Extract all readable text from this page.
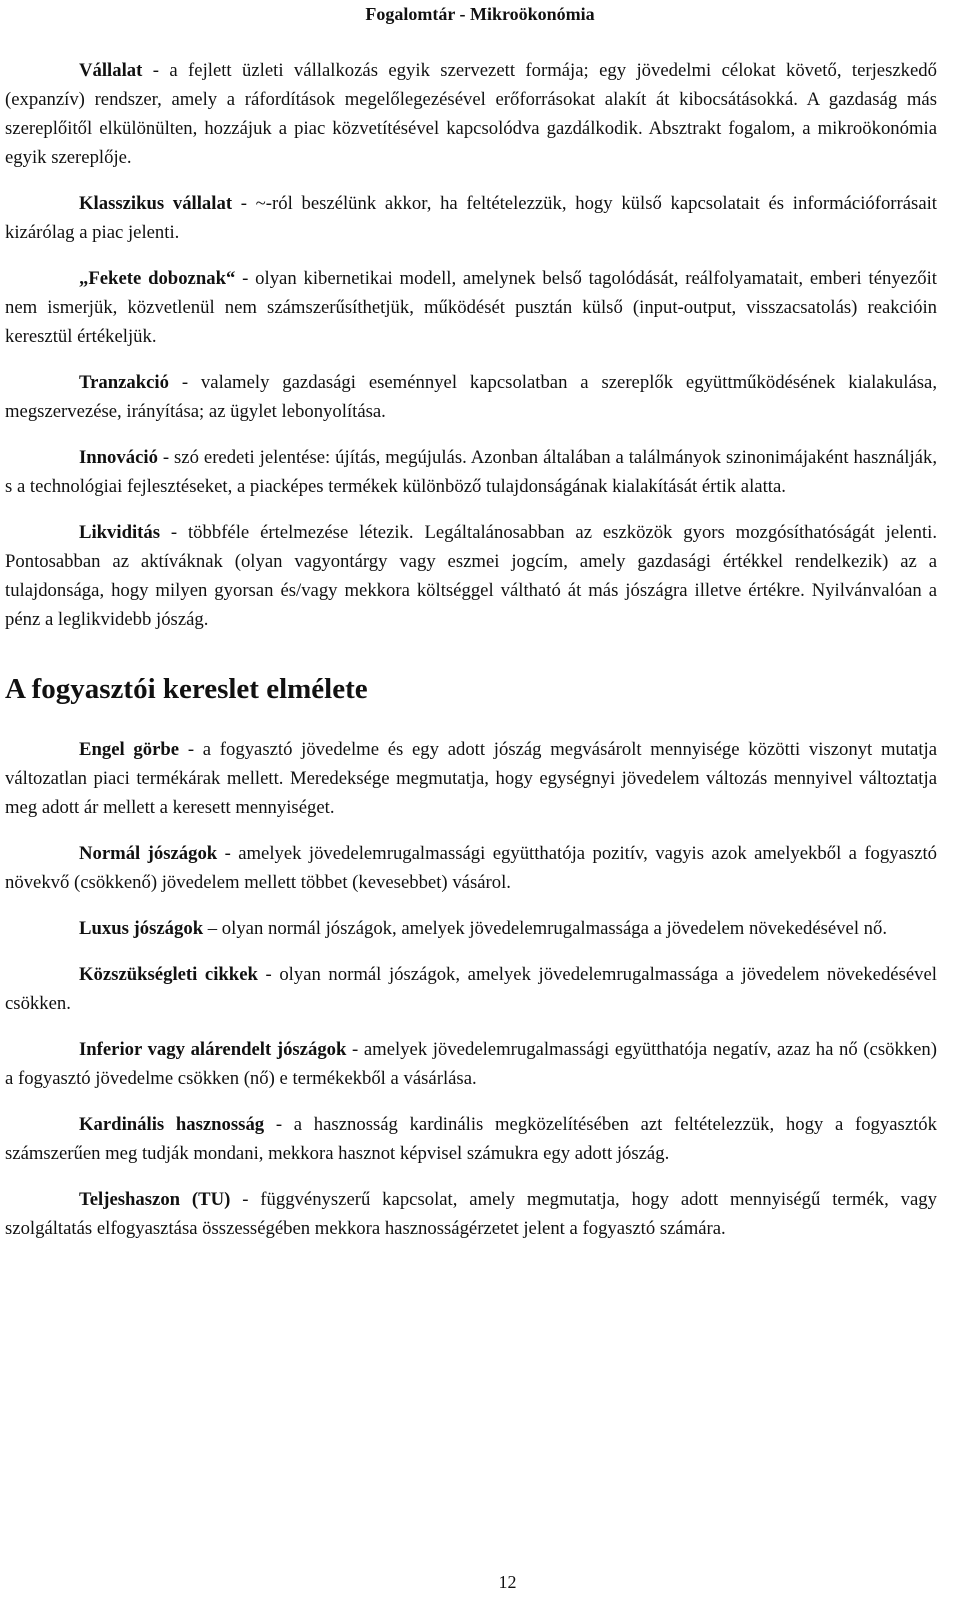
Fogalomtár - Mikroökonómia

Vállalat - a fejlett üzleti vállalkozás egyik szervezett formája; egy jövedelmi célokat követő, terjeszkedő (expanzív) rendszer, amely a ráfordítások megelőlegezésével erőforrásokat alakít át kibocsátásokká. A gazdaság más szereplőitől elkülönülten, hozzájuk a piac közvetítésével kapcsolódva gazdálkodik. Absztrakt fogalom, a mikroökonómia egyik szereplője.

Klasszikus vállalat - ~-ról beszélünk akkor, ha feltételezzük, hogy külső kapcsolatait és információforrásait kizárólag a piac jelenti.

„Fekete doboznak“ - olyan kibernetikai modell, amelynek belső tagolódását, reálfolyamatait, emberi tényezőit nem ismerjük, közvetlenül nem számszerűsíthetjük, működését pusztán külső (input-output, visszacsatolás) reakcióin keresztül értékeljük.

Tranzakció - valamely gazdasági eseménnyel kapcsolatban a szereplők együttműködésének kialakulása, megszervezése, irányítása; az ügylet lebonyolítása.

Innováció - szó eredeti jelentése: újítás, megújulás. Azonban általában a találmányok szinonimájaként használják, s a technológiai fejlesztéseket, a piacképes termékek különböző tulajdonságának kialakítását értik alatta.

Likviditás - többféle értelmezése létezik. Legáltalánosabban az eszközök gyors mozgósíthatóságát jelenti. Pontosabban az aktíváknak (olyan vagyontárgy vagy eszmei jogcím, amely gazdasági értékkel rendelkezik) az a tulajdonsága, hogy milyen gyorsan és/vagy mekkora költséggel váltható át más jószágra illetve értékre. Nyilvánvalóan a pénz a leglikvidebb jószág.

A fogyasztói kereslet elmélete

Engel görbe - a fogyasztó jövedelme és egy adott jószág megvásárolt mennyisége közötti viszonyt mutatja változatlan piaci termékárak mellett. Meredeksége megmutatja, hogy egységnyi jövedelem változás mennyivel változtatja meg adott ár mellett a keresett mennyiséget.

Normál jószágok - amelyek jövedelemrugalmassági együtthatója pozitív, vagyis azok amelyekből a fogyasztó növekvő (csökkenő) jövedelem mellett többet (kevesebbet) vásárol.

Luxus jószágok – olyan normál jószágok, amelyek jövedelemrugalmassága a jövedelem növekedésével nő.

Közszükségleti cikkek - olyan normál jószágok, amelyek jövedelemrugalmassága a jövedelem növekedésével csökken.

Inferior vagy alárendelt jószágok - amelyek jövedelemrugalmassági együtthatója negatív, azaz ha nő (csökken) a fogyasztó jövedelme csökken (nő) e termékekből a vásárlása.

Kardinális hasznosság - a hasznosság kardinális megközelítésében azt feltételezzük, hogy a fogyasztók számszerűen meg tudják mondani, mekkora hasznot képvisel számukra egy adott jószág.

Teljeshaszon (TU) - függvényszerű kapcsolat, amely megmutatja, hogy adott mennyiségű termék, vagy szolgáltatás elfogyasztása összességében mekkora hasznosságérzetet jelent a fogyasztó számára.

12
